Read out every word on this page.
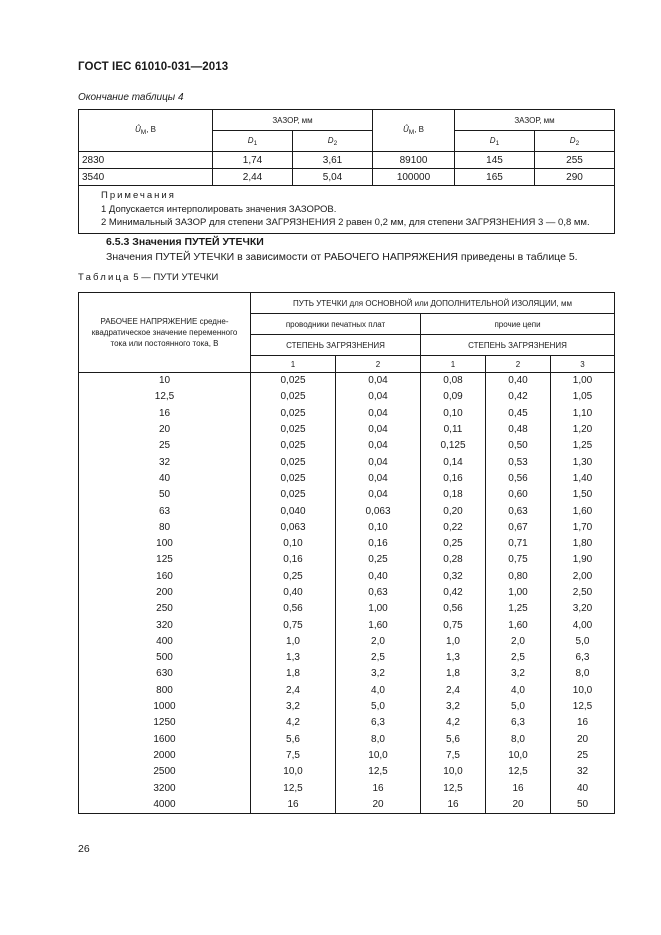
ГОСТ IEC 61010-031—2013
Окончание таблицы 4
$Û_M$, В	ЗАЗОР, мм		$Û_M$, В	ЗАЗОР, мм	
	$D_1$	$D_2$		$D_1$	$D_2$
2830	1,74	3,61	89100	145	255
3540	2,44	5,04	100000	165	290

Примечания
1 Допускается интерполировать значения ЗАЗОРОВ.
2 Минимальный ЗАЗОР для степени ЗАГРЯЗНЕНИЯ 2 равен 0,2 мм, для степени ЗАГРЯЗНЕНИЯ 3 — 0,8 мм.					
6.5.3 Значения ПУТЕЙ УТЕЧКИ
Значения ПУТЕЙ УТЕЧКИ в зависимости от РАБОЧЕГО НАПРЯЖЕНИЯ приведены в таблице 5.
Таблица 5 — ПУТИ УТЕЧКИ
РАБОЧЕЕ НАПРЯЖЕНИЕ средне-квадратическое значение переменного тока или постоянного тока, В	ПУТЬ УТЕЧКИ для ОСНОВНОЙ или ДОПОЛНИТЕЛЬНОЙ ИЗОЛЯЦИИ, мм				
	проводники печатных плат		прочие цепи		
	СТЕПЕНЬ ЗАГРЯЗНЕНИЯ		СТЕПЕНЬ ЗАГРЯЗНЕНИЯ		
	1	2	1	2	3
10	0,025	0,04	0,08	0,40	1,00
12,5	0,025	0,04	0,09	0,42	1,05
16	0,025	0,04	0,10	0,45	1,10
20	0,025	0,04	0,11	0,48	1,20
25	0,025	0,04	0,125	0,50	1,25
32	0,025	0,04	0,14	0,53	1,30
40	0,025	0,04	0,16	0,56	1,40
50	0,025	0,04	0,18	0,60	1,50
63	0,040	0,063	0,20	0,63	1,60
80	0,063	0,10	0,22	0,67	1,70
100	0,10	0,16	0,25	0,71	1,80
125	0,16	0,25	0,28	0,75	1,90
160	0,25	0,40	0,32	0,80	2,00
200	0,40	0,63	0,42	1,00	2,50
250	0,56	1,00	0,56	1,25	3,20
320	0,75	1,60	0,75	1,60	4,00
400	1,0	2,0	1,0	2,0	5,0
500	1,3	2,5	1,3	2,5	6,3
630	1,8	3,2	1,8	3,2	8,0
800	2,4	4,0	2,4	4,0	10,0
1000	3,2	5,0	3,2	5,0	12,5
1250	4,2	6,3	4,2	6,3	16
1600	5,6	8,0	5,6	8,0	20
2000	7,5	10,0	7,5	10,0	25
2500	10,0	12,5	10,0	12,5	32
3200	12,5	16	12,5	16	40
4000	16	20	16	20	50
26
